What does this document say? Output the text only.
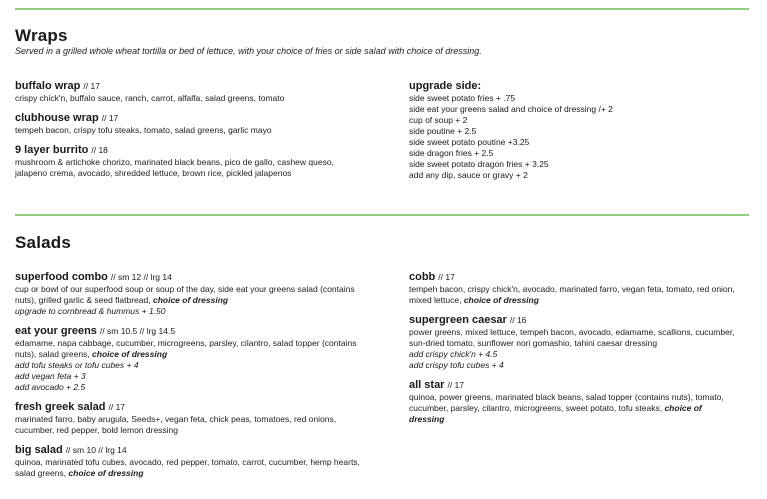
Wraps

Served in a grilled whole wheat tortilla or bed of lettuce, with your choice of fries or side salad with choice of dressing.

buffalo wrap // 17
crispy chick'n, buffalo sauce, ranch, carrot, alfalfa, salad greens, tomato
clubhouse wrap // 17
tempeh bacon, crispy tofu steaks, tomato, salad greens, garlic mayo
9 layer burrito // 18
mushroom & artichoke chorizo, marinated black beans, pico de gallo, cashew queso, jalapeno crema, avocado, shredded lettuce, brown rice, pickled jalapenos
upgrade side:
side sweet potato fries + .75
side eat your greens salad and choice of dressing /+ 2
cup of soup + 2
side poutine + 2.5
side sweet potato poutine +3.25
side dragon fries + 2.5
side sweet potato dragon fries + 3.25
add any dip, sauce or gravy + 2
Salads
superfood combo // sm 12 // lrg 14
cup or bowl of our superfood soup or soup of the day, side eat your greens salad (contains nuts), grilled garlic & seed flatbread, choice of dressing
upgrade to cornbread & hummus + 1.50
eat your greens // sm 10.5 // lrg 14.5
edamame, napa cabbage, cucumber, microgreens, parsley, cilantro, salad topper (contains nuts), salad greens, choice of dressing
add tofu steaks or tofu cubes + 4
add vegan feta + 3
add avocado + 2.5
fresh greek salad // 17
marinated farro, baby arugula, Seeds+, vegan feta, chick peas, tomatoes, red onions, cucumber, red pepper, bold lemon dressing
big salad // sm 10 // lrg 14
quinoa, marinated tofu cubes, avocado, red pepper, tomato, carrot, cucumber, hemp hearts, salad greens, choice of dressing
cobb // 17
tempeh bacon, crispy chick'n, avocado, marinated farro, vegan feta, tomato, red onion, mixed lettuce, choice of dressing
supergreen caesar // 16
power greens, mixed lettuce, tempeh bacon, avocado, edamame, scallions, cucumber, sun-dried tomato, sunflower nori gomashio, tahini caesar dressing
add crispy chick'n + 4.5
add crispy tofu cubes + 4
all star // 17
quinoa, power greens, marinated black beans, salad topper (contains nuts), tomato, cucumber, parsley, cilantro, microgreens, sweet potato, tofu steaks, choice of dressing
